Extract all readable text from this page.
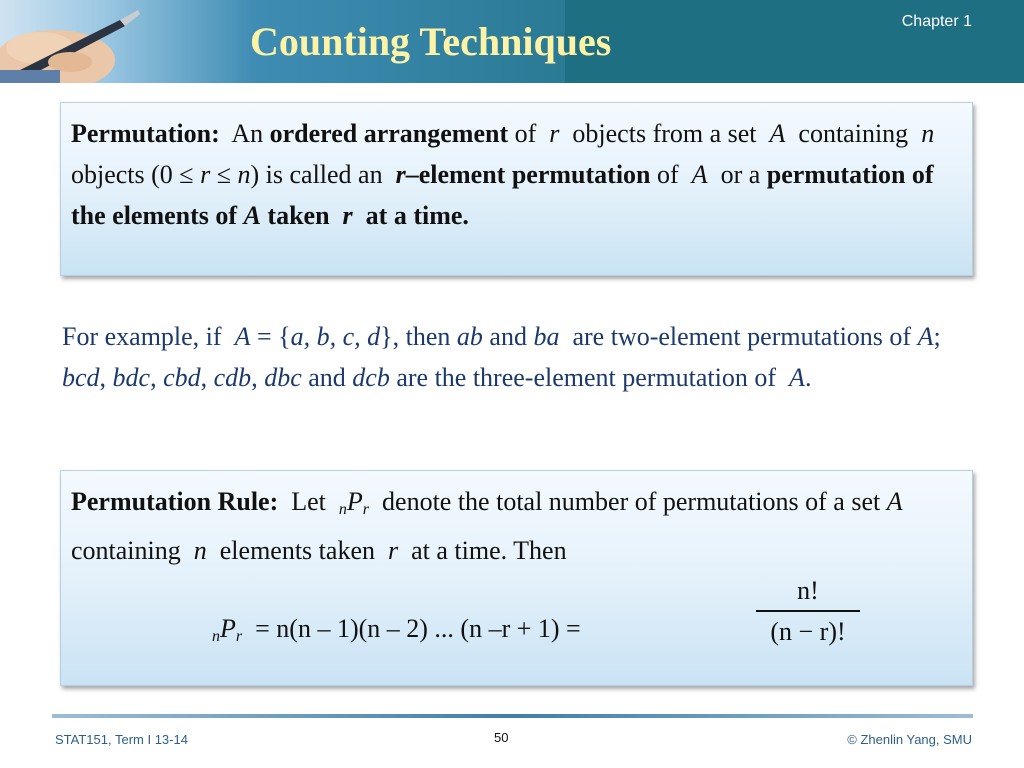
Counting Techniques	Chapter 1
Permutation: An ordered arrangement of r objects from a set A containing n  objects (0 ≤ r ≤ n) is called an r–element permutation of A or a permutation of the elements of A taken r at a time.
For example, if A = {a, b, c, d}, then ab and ba are two-element permutations of A; bcd, bdc, cbd, cdb, dbc and dcb are the three-element permutation of A.
Permutation Rule: Let $_nP_r$ denote the total number of permutations of a set A containing n elements taken r at a time. Then
$_nP_r = n(n - 1)(n - 2)$ ... (n –r + 1) =
n!
(n − r)!
STAT151, Term I 13-14	50	© Zhenlin Yang, SMU
